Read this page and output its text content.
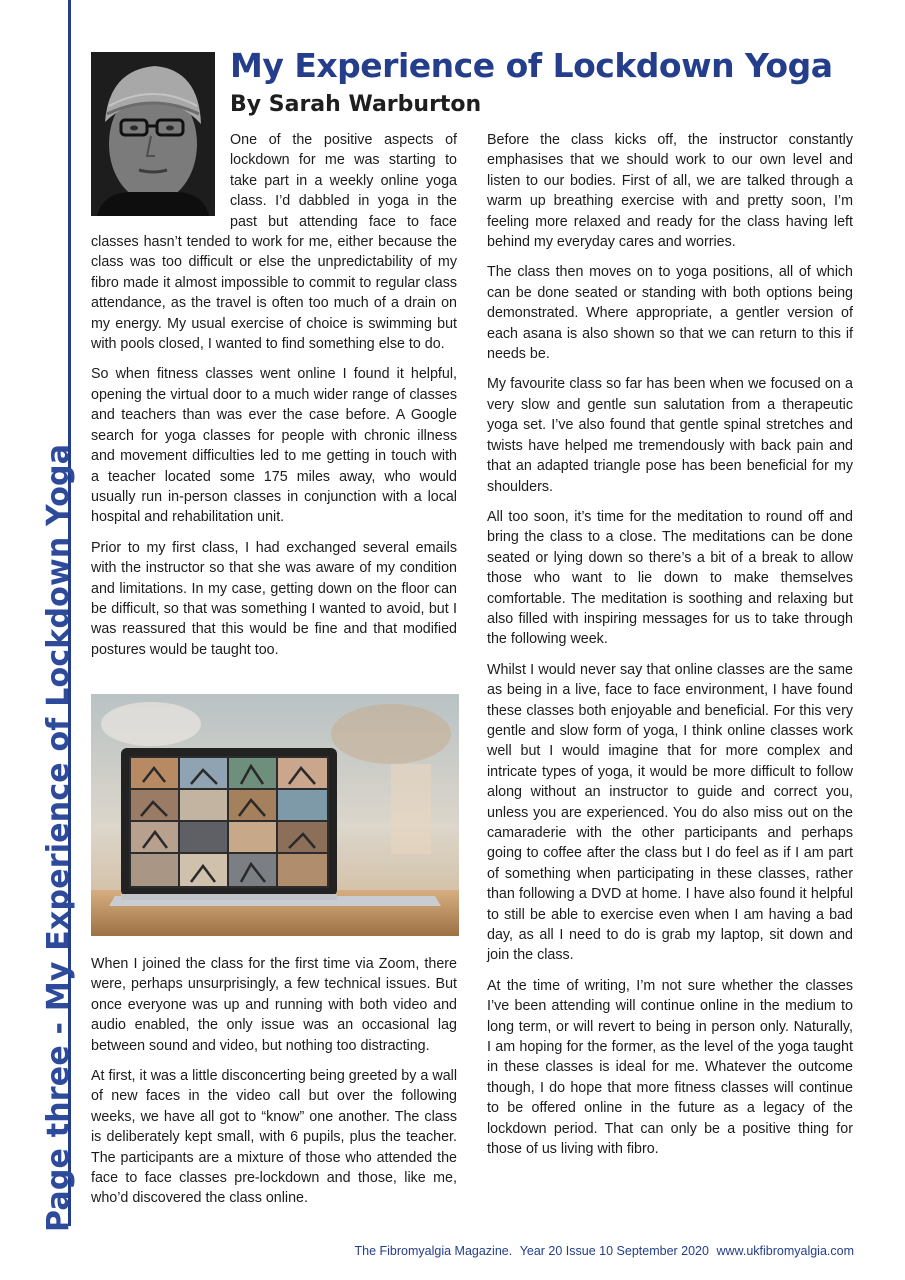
Page three - My Experience of Lockdown Yoga
My Experience of Lockdown Yoga
By Sarah Warburton

One of the positive aspects of lockdown for me was starting to take part in a weekly online yoga class. I’d dabbled in yoga in the past but attending face to face classes hasn’t tended to work for me, either because the class was too difficult or else the unpredictability of my fibro made it almost impossible to commit to regular class attendance, as the travel is often too much of a drain on my energy. My usual exercise of choice is swimming but with pools closed, I wanted to find something else to do.

So when fitness classes went online I found it helpful, opening the virtual door to a much wider range of classes and teachers than was ever the case before. A Google search for yoga classes for people with chronic illness and movement difficulties led to me getting in touch with a teacher located some 175 miles away, who would usually run in-person classes in conjunction with a local hospital and rehabilitation unit.

Prior to my first class, I had exchanged several emails with the instructor so that she was aware of my condition and limitations. In my case, getting down on the floor can be difficult, so that was something I wanted to avoid, but I was reassured that this would be fine and that modified postures would be taught too.

When I joined the class for the first time via Zoom, there were, perhaps unsurprisingly, a few technical issues. But once everyone was up and running with both video and audio enabled, the only issue was an occasional lag between sound and video, but nothing too distracting.

At first, it was a little disconcerting being greeted by a wall of new faces in the video call but over the following weeks, we have all got to “know” one another. The class is deliberately kept small, with 6 pupils, plus the teacher. The participants are a mixture of those who attended the face to face classes pre-lockdown and those, like me, who’d discovered the class online.

Before the class kicks off, the instructor constantly emphasises that we should work to our own level and listen to our bodies. First of all, we are talked through a warm up breathing exercise with and pretty soon, I’m feeling more relaxed and ready for the class having left behind my everyday cares and worries.

The class then moves on to yoga positions, all of which can be done seated or standing with both options being demonstrated. Where appropriate, a gentler version of each asana is also shown so that we can return to this if needs be.

My favourite class so far has been when we focused on a very slow and gentle sun salutation from a therapeutic yoga set. I’ve also found that gentle spinal stretches and twists have helped me tremendously with back pain and that an adapted triangle pose has been beneficial for my shoulders.

All too soon, it’s time for the meditation to round off and bring the class to a close. The meditations can be done seated or lying down so there’s a bit of a break to allow those who want to lie down to make themselves comfortable. The meditation is soothing and relaxing but also filled with inspiring messages for us to take through the following week.

Whilst I would never say that online classes are the same as being in a live, face to face environment, I have found these classes both enjoyable and beneficial. For this very gentle and slow form of yoga, I think online classes work well but I would imagine that for more complex and intricate types of yoga, it would be more difficult to follow along without an instructor to guide and correct you, unless you are experienced. You do also miss out on the camaraderie with the other participants and perhaps going to coffee after the class but I do feel as if I am part of something when participating in these classes, rather than following a DVD at home. I have also found it helpful to still be able to exercise even when I am having a bad day, as all I need to do is grab my laptop, sit down and join the class.

At the time of writing, I’m not sure whether the classes I’ve been attending will continue online in the medium to long term, or will revert to being in person only. Naturally, I am hoping for the former, as the level of the yoga taught in these classes is ideal for me. Whatever the outcome though, I do hope that more fitness classes will continue to be offered online in the future as a legacy of the lockdown period. That can only be a positive thing for those of us living with fibro.

The Fibromyalgia Magazine. Year 20 Issue 10 September 2020 www.ukfibromyalgia.com
